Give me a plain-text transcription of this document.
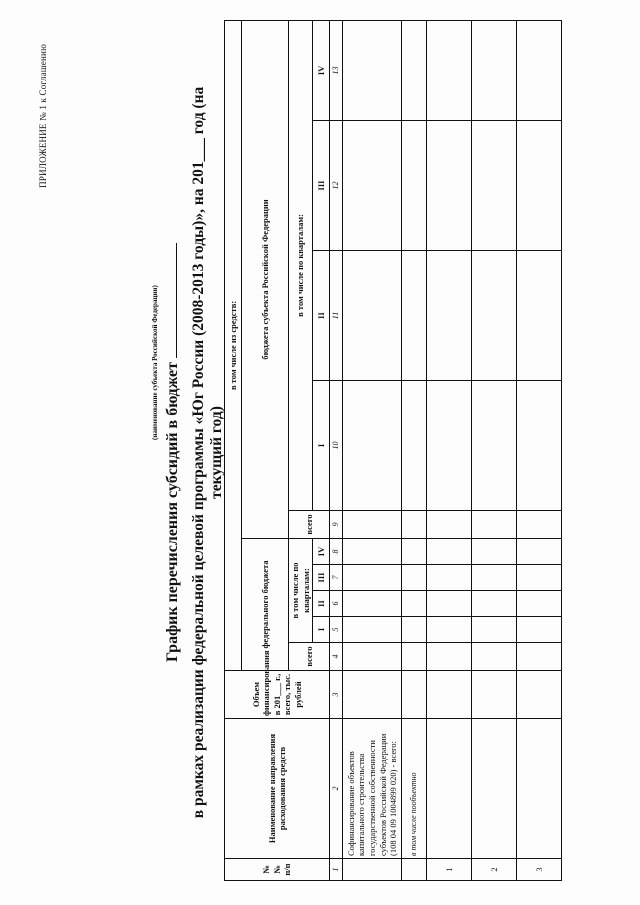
ПРИЛОЖЕНИЕ № 1 к Соглашению
График перечисления субсидий в бюджет
(наименование субъекта Российской Федерации) в рамках реализации федеральной целевой программы «Юг России (2008-2013 годы)», на 201___ год (на текущий год)
№№ п/п	Наименование направления расходования средств	Объем финансирования в 201___ г., всего, тыс. рублей	в том числе из средств:									
			федерального бюджета					бюджета субъекта Российской Федерации				
			всего	в том числе по кварталам:				всего	в том числе по кварталам:			
				I	II	III	IV		I	II	III	IV
1	2	3	4	5	6	7	8	9	10	11	12	13
	Софинансирование объектов капитального строительства государственной собственности субъектов Российской Федерации (108 04 09 1004899 020) - всего:											
	в том числе пообъектно											
1												
2												
3												
